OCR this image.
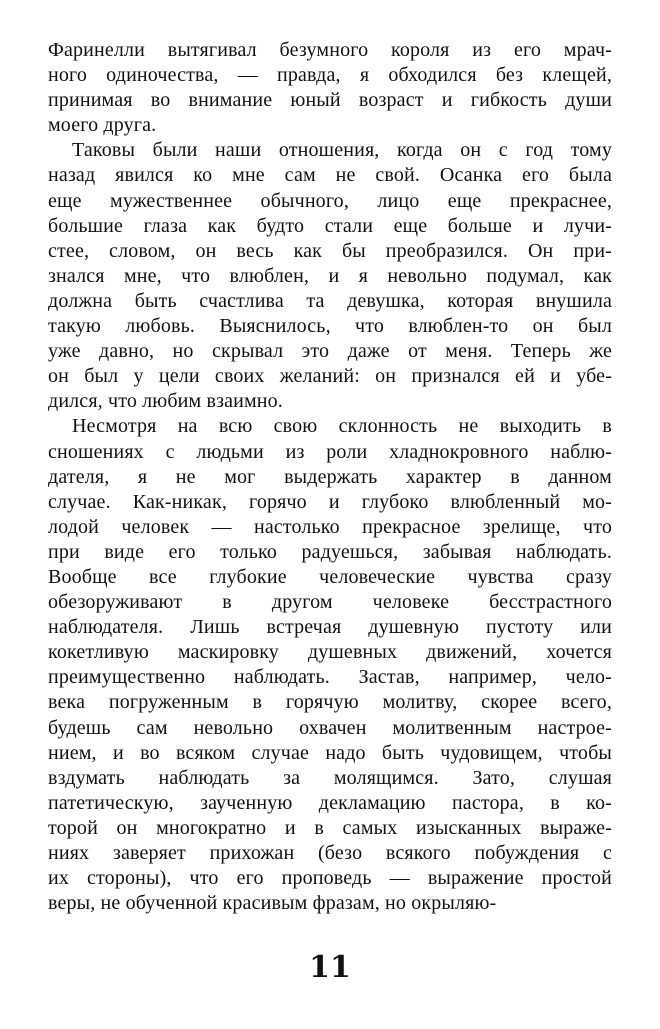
Фаринелли вытягивал безумного короля из его мрач-
ного одиночества, — правда, я обходился без клещей,
принимая во внимание юный возраст и гибкость души
моего друга.
Таковы были наши отношения, когда он с год тому
назад явился ко мне сам не свой. Осанка его была
еще мужественнее обычного, лицо еще прекраснее,
большие глаза как будто стали еще больше и лучи-
стее, словом, он весь как бы преобразился. Он при-
знался мне, что влюблен, и я невольно подумал, как
должна быть счастлива та девушка, которая внушила
такую любовь. Выяснилось, что влюблен-то он был
уже давно, но скрывал это даже от меня. Теперь же
он был у цели своих желаний: он признался ей и убе-
дился, что любим взаимно.
Несмотря на всю свою склонность не выходить в
сношениях с людьми из роли хладнокровного наблю-
дателя, я не мог выдержать характер в данном
случае. Как-никак, горячо и глубоко влюбленный мо-
лодой человек — настолько прекрасное зрелище, что
при виде его только радуешься, забывая наблюдать.
Вообще все глубокие человеческие чувства сразу
обезоруживают в другом человеке бесстрастного
наблюдателя. Лишь встречая душевную пустоту или
кокетливую маскировку душевных движений, хочется
преимущественно наблюдать. Застав, например, чело-
века погруженным в горячую молитву, скорее всего,
будешь сам невольно охвачен молитвенным настрое-
нием, и во всяком случае надо быть чудовищем, чтобы
вздумать наблюдать за молящимся. Зато, слушая
патетическую, заученную декламацию пастора, в ко-
торой он многократно и в самых изысканных выраже-
ниях заверяет прихожан (безо всякого побуждения с
их стороны), что его проповедь — выражение простой
веры, не обученной красивым фразам, но окрыляю-
11
